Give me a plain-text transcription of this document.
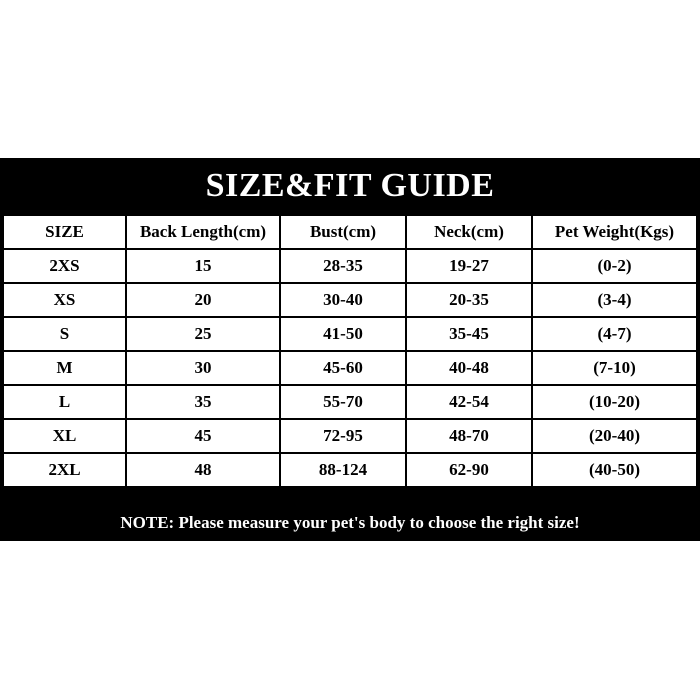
SIZE&FIT GUIDE
SIZE	Back Length(cm)	Bust(cm)	Neck(cm)	Pet Weight(Kgs)
2XS	15	28-35	19-27	(0-2)
XS	20	30-40	20-35	(3-4)
S	25	41-50	35-45	(4-7)
M	30	45-60	40-48	(7-10)
L	35	55-70	42-54	(10-20)
XL	45	72-95	48-70	(20-40)
2XL	48	88-124	62-90	(40-50)
NOTE: Please measure your pet's body to choose the right size!
